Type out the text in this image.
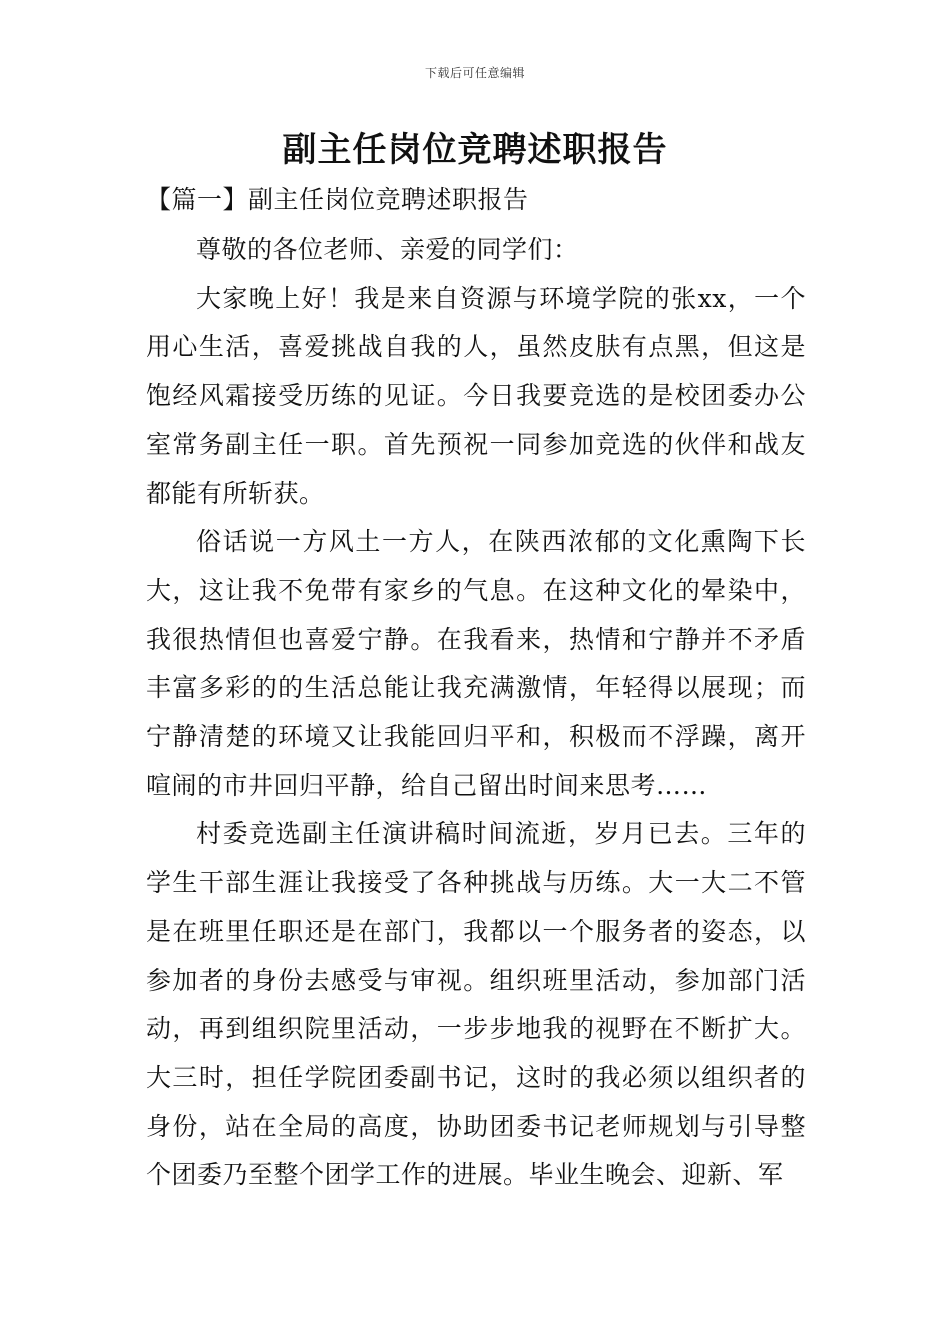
下载后可任意编辑
副主任岗位竞聘述职报告
【篇一】副主任岗位竞聘述职报告

尊敬的各位老师、亲爱的同学们：

大家晚上好！我是来自资源与环境学院的张xx，一个用心生活，喜爱挑战自我的人，虽然皮肤有点黑，但这是饱经风霜接受历练的见证。今日我要竞选的是校团委办公室常务副主任一职。首先预祝一同参加竞选的伙伴和战友都能有所斩获。

俗话说一方风土一方人，在陕西浓郁的文化熏陶下长大，这让我不免带有家乡的气息。在这种文化的晕染中，我很热情但也喜爱宁静。在我看来，热情和宁静并不矛盾丰富多彩的的生活总能让我充满激情，年轻得以展现；而宁静清楚的环境又让我能回归平和，积极而不浮躁，离开喧闹的市井回归平静，给自己留出时间来思考……

村委竞选副主任演讲稿时间流逝，岁月已去。三年的学生干部生涯让我接受了各种挑战与历练。大一大二不管是在班里任职还是在部门，我都以一个服务者的姿态，以参加者的身份去感受与审视。组织班里活动，参加部门活动，再到组织院里活动，一步步地我的视野在不断扩大。大三时，担任学院团委副书记，这时的我必须以组织者的身份，站在全局的高度，协助团委书记老师规划与引导整个团委乃至整个团学工作的进展。毕业生晚会、迎新、军
